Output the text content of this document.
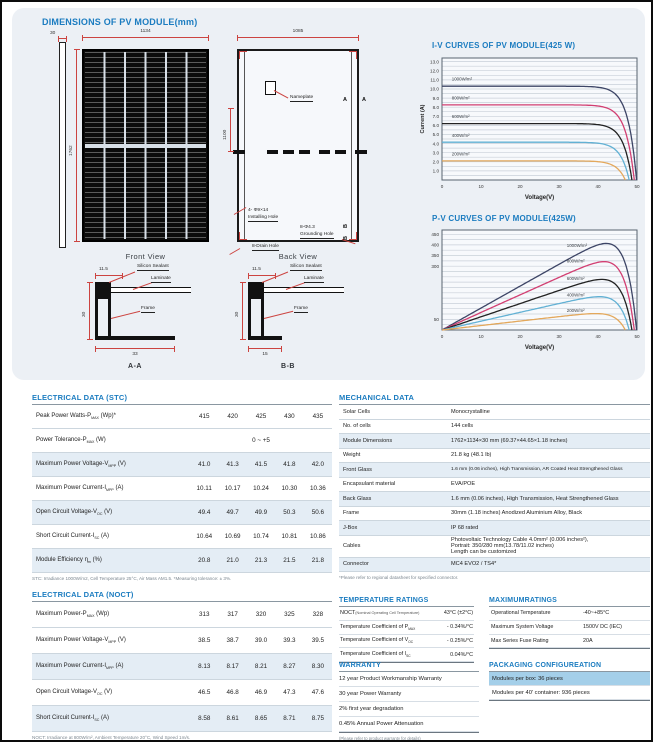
DIMENSIONS OF PV MODULE(mm)
30	1134
1762
Front View
1085
Nameplate
1100
4- Φ9×14
Installing Hole
8-Φ4.3
Grounding Hole
8-Drain Hole
Back View
A	A
B
B
11.5
30
33
Silicon Sealant
Laminate
Frame
A-A
11.5
30
15
Silicon Sealant
Laminate
Frame
B-B
I-V CURVES OF PV MODULE(425 W)
1.0
2.0
3.0
4.0
5.0
6.0
7.0
8.0
9.0
10.0
11.0
12.0
13.0
0	10	20	30	40	50
1000W/m²
800W/m²
600W/m²
400W/m²
200W/m²
Voltage(V)
Current (A)
P-V CURVES OF PV MODULE(425W)
450
400
350
300
50
0	10	20	30	40	50
1000W/m²
800W/m²
600W/m²
400W/m²
200W/m²
Voltage(V)
ELECTRICAL DATA (STC)
Peak Power Watts-$P_{MAX}$ (Wp)*	415	420	425	430	435
Power Tolerance-$P_{MAX}$ (W)	0 ~ +5
Maximum Power Voltage-$V_{MPP}$ (V)	41.0	41.3	41.5	41.8	42.0
Maximum Power Current-$I_{MPP}$ (A)	10.11	10.17	10.24	10.30	10.36
Open Circuit Voltage-$V_{OC}$ (V)	49.4	49.7	49.9	50.3	50.6
Short Circuit Current-$I_{SC}$ (A)	10.64	10.69	10.74	10.81	10.86
Module Efficiency $\eta_m$ (%)	20.8	21.0	21.3	21.5	21.8
STC: Irradiance 1000W/m2, Cell Temperature 25°C, Air Mass AM1.5. *Measuring tolerance: ± 3%.
ELECTRICAL DATA (NOCT)
Maximum Power-$P_{MAX}$ (Wp)	313	317	320	325	328
Maximum Power Voltage-$V_{MPP}$ (V)	38.5	38.7	39.0	39.3	39.5
Maximum Power Current-$I_{MPP}$ (A)	8.13	8.17	8.21	8.27	8.30
Open Circuit Voltage-$V_{OC}$ (V)	46.5	46.8	46.9	47.3	47.6
Short Circuit Current-$I_{SC}$ (A)	8.58	8.61	8.65	8.71	8.75
NOCT: Irradiance at 800W/m², Ambient Temperature 20°C, Wind Speed 1m/s.
MECHANICAL DATA
Solar Cells	Monocrystalline
No. of cells	144 cells
Module Dimensions	1762×1134×30 mm (69.37×44.65×1.18 inches)
Weight	21.8 kg (48.1 lb)
Front Glass	1.6 mm (0.06 inches), High Transmission, AR Coated Heat Strengthened Glass
Encapsulant material	EVA/POE
Back Glass	1.6 mm (0.06 inches), High Transmission, Heat Strengthened Glass
Frame	30mm (1.18 inches) Anodized Aluminium Alloy, Black
J-Box	IP 68 rated
Cables
Photovoltaic Technology Cable 4.0mm² (0.006 inches²),
Portrait: 350/280 mm(13.78/11.02 inches)
Length can be customized
Connector	MC4 EVO2 / TS4*
*Please refer to regional datasheet for specified connector.
TEMPERATURE RATINGS
NOCT(Nominal Operating Cell Temperature)	43°C (±2°C)
Temperature Coefficient of $P_{MAX}$	- 0.34%/°C
Temperature Coefficient of $V_{OC}$	- 0.25%/°C
Temperature Coefficient of $I_{SC}$	0.04%/°C
MAXIMUMRATINGS
Operational Temperature	-40~+85°C
Maximum System Voltage	1500V DC (IEC)
Max Series Fuse Rating	20A
WARRANTY
12 year Product Workmanship Warranty
30 year Power Warranty
2% first year degradation
0.45% Annual Power Attenuation
(Please refer to product warranty for details)
PACKAGING CONFIGUREATION
Modules per box: 36 pieces
Modules per 40' container: 936 pieces
